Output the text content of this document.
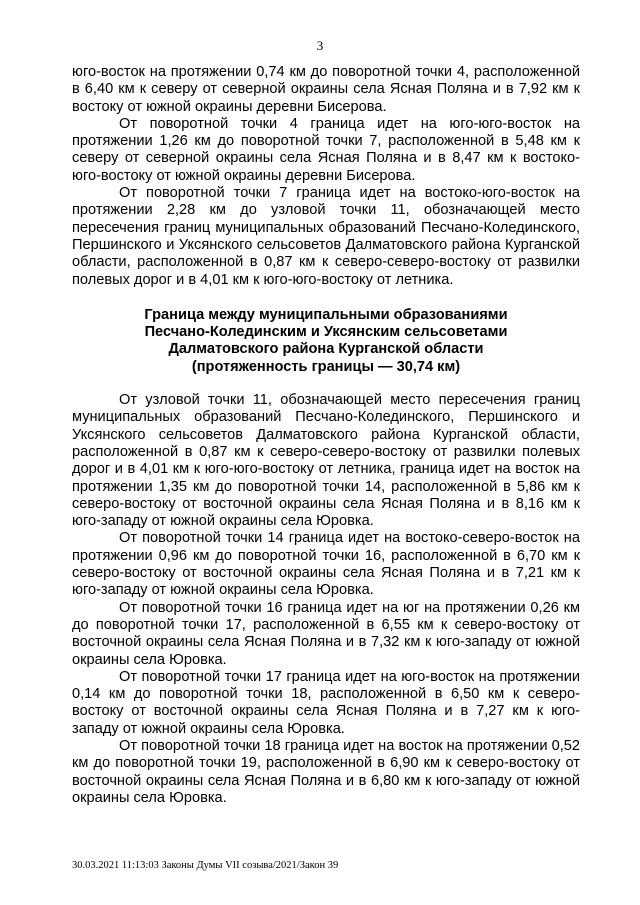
3

юго-восток на протяжении 0,74 км до поворотной точки 4, расположенной в 6,40 км к северу от северной окраины села Ясная Поляна и в 7,92 км к востоку от южной окраины деревни Бисерова.

От поворотной точки 4 граница идет на юго-юго-восток на протяжении 1,26 км до поворотной точки 7, расположенной в 5,48 км к северу от северной окраины села Ясная Поляна и в 8,47 км к востоко-юго-востоку от южной окраины деревни Бисерова.

От поворотной точки 7 граница идет на востоко-юго-восток на протяжении 2,28 км до узловой точки 11, обозначающей место пересечения границ муниципальных образований Песчано-Колединского, Першинского и Уксянского сельсоветов Далматовского района Курганской области, расположенной в 0,87 км к северо-северо-востоку от развилки полевых дорог и в 4,01 км к юго-юго-востоку от летника.

Граница между муниципальными образованиями
Песчано-Колединским и Уксянским сельсоветами
Далматовского района Курганской области
(протяженность границы — 30,74 км)

От узловой точки 11, обозначающей место пересечения границ муниципальных образований Песчано-Колединского, Першинского и Уксянского сельсоветов Далматовского района Курганской области, расположенной в 0,87 км к северо-северо-востоку от развилки полевых дорог и в 4,01 км к юго-юго-востоку от летника, граница идет на восток на протяжении 1,35 км до поворотной точки 14, расположенной в 5,86 км к северо-востоку от восточной окраины села Ясная Поляна и в 8,16 км к юго-западу от южной окраины села Юровка.

От поворотной точки 14 граница идет на востоко-северо-восток на протяжении 0,96 км до поворотной точки 16, расположенной в 6,70 км к северо-востоку от восточной окраины села Ясная Поляна и в 7,21 км к юго-западу от южной окраины села Юровка.

От поворотной точки 16 граница идет на юг на протяжении 0,26 км до поворотной точки 17, расположенной в 6,55 км к северо-востоку от восточной окраины села Ясная Поляна и в 7,32 км к юго-западу от южной окраины села Юровка.

От поворотной точки 17 граница идет на юго-восток на протяжении 0,14 км до поворотной точки 18, расположенной в 6,50 км к северо-востоку от восточной окраины села Ясная Поляна и в 7,27 км к юго-западу от южной окраины села Юровка.

От поворотной точки 18 граница идет на восток на протяжении 0,52 км до поворотной точки 19, расположенной в 6,90 км к северо-востоку от восточной окраины села Ясная Поляна и в 6,80 км к юго-западу от южной окраины села Юровка.

30.03.2021 11:13:03 Законы Думы VII созыва/2021/Закон 39
